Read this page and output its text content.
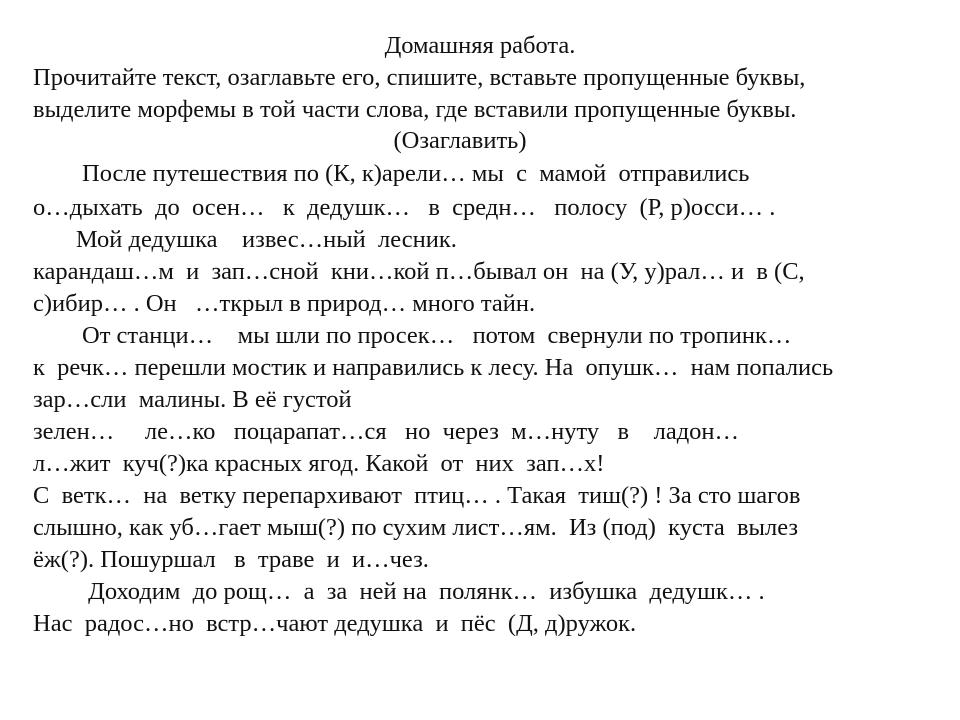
Домашняя работа.
Прочитайте текст, озаглавьте его, спишите, вставьте пропущенные буквы,
выделите морфемы в той части слова, где вставили пропущенные буквы.
(Озаглавить)
После путешествия по (К, к)арели… мы  с  мамой  отправились
о…дыхать  до  осен…   к  дедушк…   в  средн…   полосу  (Р, р)осси… .
Мой дедушка    извес…ный  лесник.
карандаш…м  и  зап…сной  кни…кой п…бывал он  на (У, у)рал… и  в (С,
с)ибир… . Он   …ткрыл в природ… много тайн.
От станци…    мы шли по просек…   потом  свернули по тропинк…
к  речк… перешли мостик и направились к лесу. На  опушк…  нам попались
зар…сли  малины. В её густой
зелен…     ле…ко   поцарапат…ся   но  через  м…нуту   в    ладон…
л…жит  куч(?)ка красных ягод. Какой  от  них  зап…х!
С  ветк…  на  ветку перепархивают  птиц… . Такая  тиш(?) ! За сто шагов
слышно, как уб…гает мыш(?) по сухим лист…ям.  Из (под)  куста  вылез
ёж(?). Пошуршал   в  траве  и  и…чез.
Доходим  до рощ…  а  за  ней на  полянк…  избушка  дедушк… .
Нас  радос…но  встр…чают дедушка  и  пёс  (Д, д)ружок.
